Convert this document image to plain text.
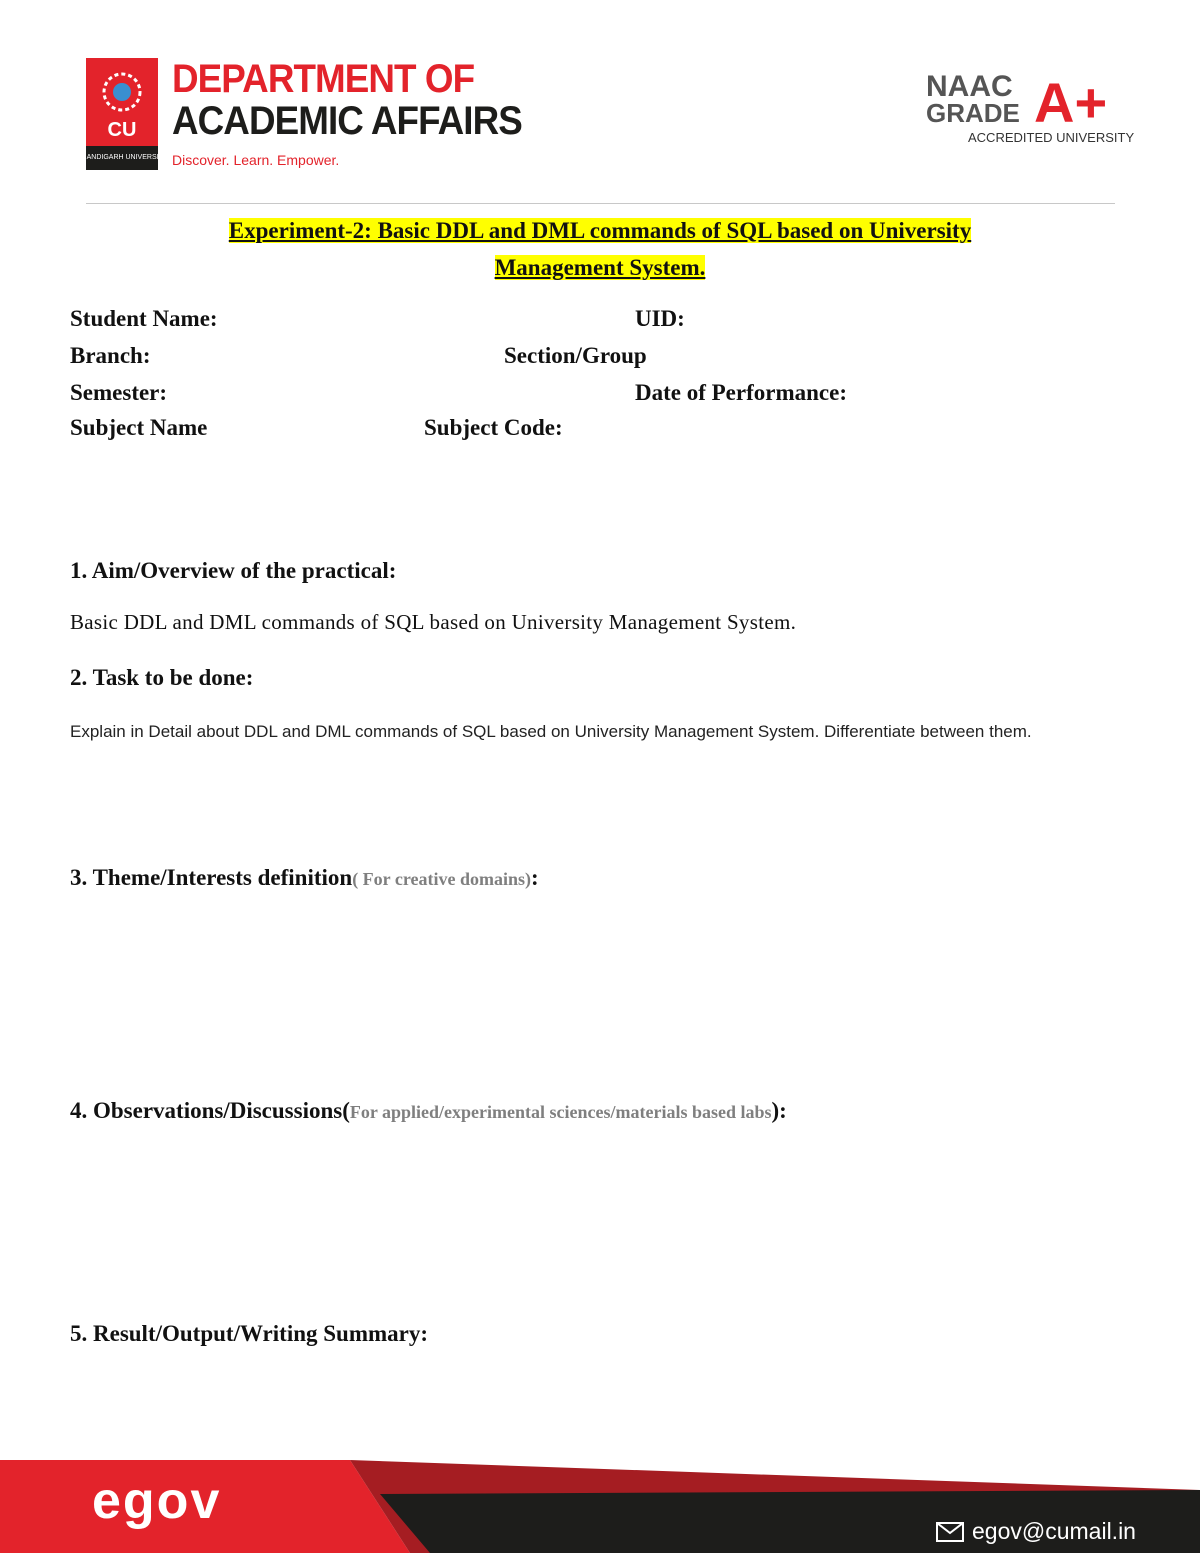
CU
CHANDIGARH UNIVERSITY
DEPARTMENT OF
ACADEMIC AFFAIRS
Discover. Learn. Empower.
NAAC
GRADE A+
ACCREDITED UNIVERSITY
Experiment-2: Basic DDL and DML commands of SQL based on University
Management System.
Student Name:	UID:
Branch:	Section/Group
Semester:	Date of Performance:
Subject Name	Subject Code:
1. Aim/Overview of the practical:
Basic DDL and DML commands of SQL based on University Management System.
2. Task to be done:
Explain in Detail about DDL and DML commands of SQL based on University Management System. Differentiate between them.
3. Theme/Interests definition( For creative domains):
4. Observations/Discussions(For applied/experimental sciences/materials based labs):
5. Result/Output/Writing Summary:
egov
egov@cumail.in
